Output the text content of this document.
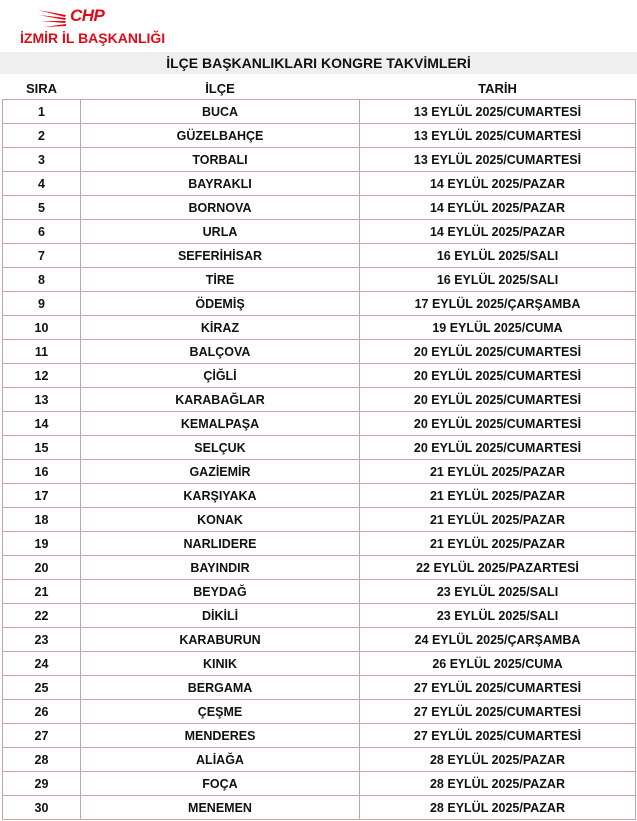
CHP
İZMİR İL BAŞKANLIĞI
İLÇE BAŞKANLIKLARI KONGRE TAKVİMLERİ
SIRA	İLÇE	TARİH
1	BUCA	13 EYLÜL 2025/CUMARTESİ
2	GÜZELBAHÇE	13 EYLÜL 2025/CUMARTESİ
3	TORBALI	13 EYLÜL 2025/CUMARTESİ
4	BAYRAKLI	14 EYLÜL 2025/PAZAR
5	BORNOVA	14 EYLÜL 2025/PAZAR
6	URLA	14 EYLÜL 2025/PAZAR
7	SEFERİHİSAR	16 EYLÜL 2025/SALI
8	TİRE	16 EYLÜL 2025/SALI
9	ÖDEMİŞ	17 EYLÜL 2025/ÇARŞAMBA
10	KİRAZ	19 EYLÜL 2025/CUMA
11	BALÇOVA	20 EYLÜL 2025/CUMARTESİ
12	ÇİĞLİ	20 EYLÜL 2025/CUMARTESİ
13	KARABAĞLAR	20 EYLÜL 2025/CUMARTESİ
14	KEMALPAŞA	20 EYLÜL 2025/CUMARTESİ
15	SELÇUK	20 EYLÜL 2025/CUMARTESİ
16	GAZİEMİR	21 EYLÜL 2025/PAZAR
17	KARŞIYAKA	21 EYLÜL 2025/PAZAR
18	KONAK	21 EYLÜL 2025/PAZAR
19	NARLIDERE	21 EYLÜL 2025/PAZAR
20	BAYINDIR	22 EYLÜL 2025/PAZARTESİ
21	BEYDAĞ	23 EYLÜL 2025/SALI
22	DİKİLİ	23 EYLÜL 2025/SALI
23	KARABURUN	24 EYLÜL 2025/ÇARŞAMBA
24	KINIK	26 EYLÜL 2025/CUMA
25	BERGAMA	27 EYLÜL 2025/CUMARTESİ
26	ÇEŞME	27 EYLÜL 2025/CUMARTESİ
27	MENDERES	27 EYLÜL 2025/CUMARTESİ
28	ALİAĞA	28 EYLÜL 2025/PAZAR
29	FOÇA	28 EYLÜL 2025/PAZAR
30	MENEMEN	28 EYLÜL 2025/PAZAR
